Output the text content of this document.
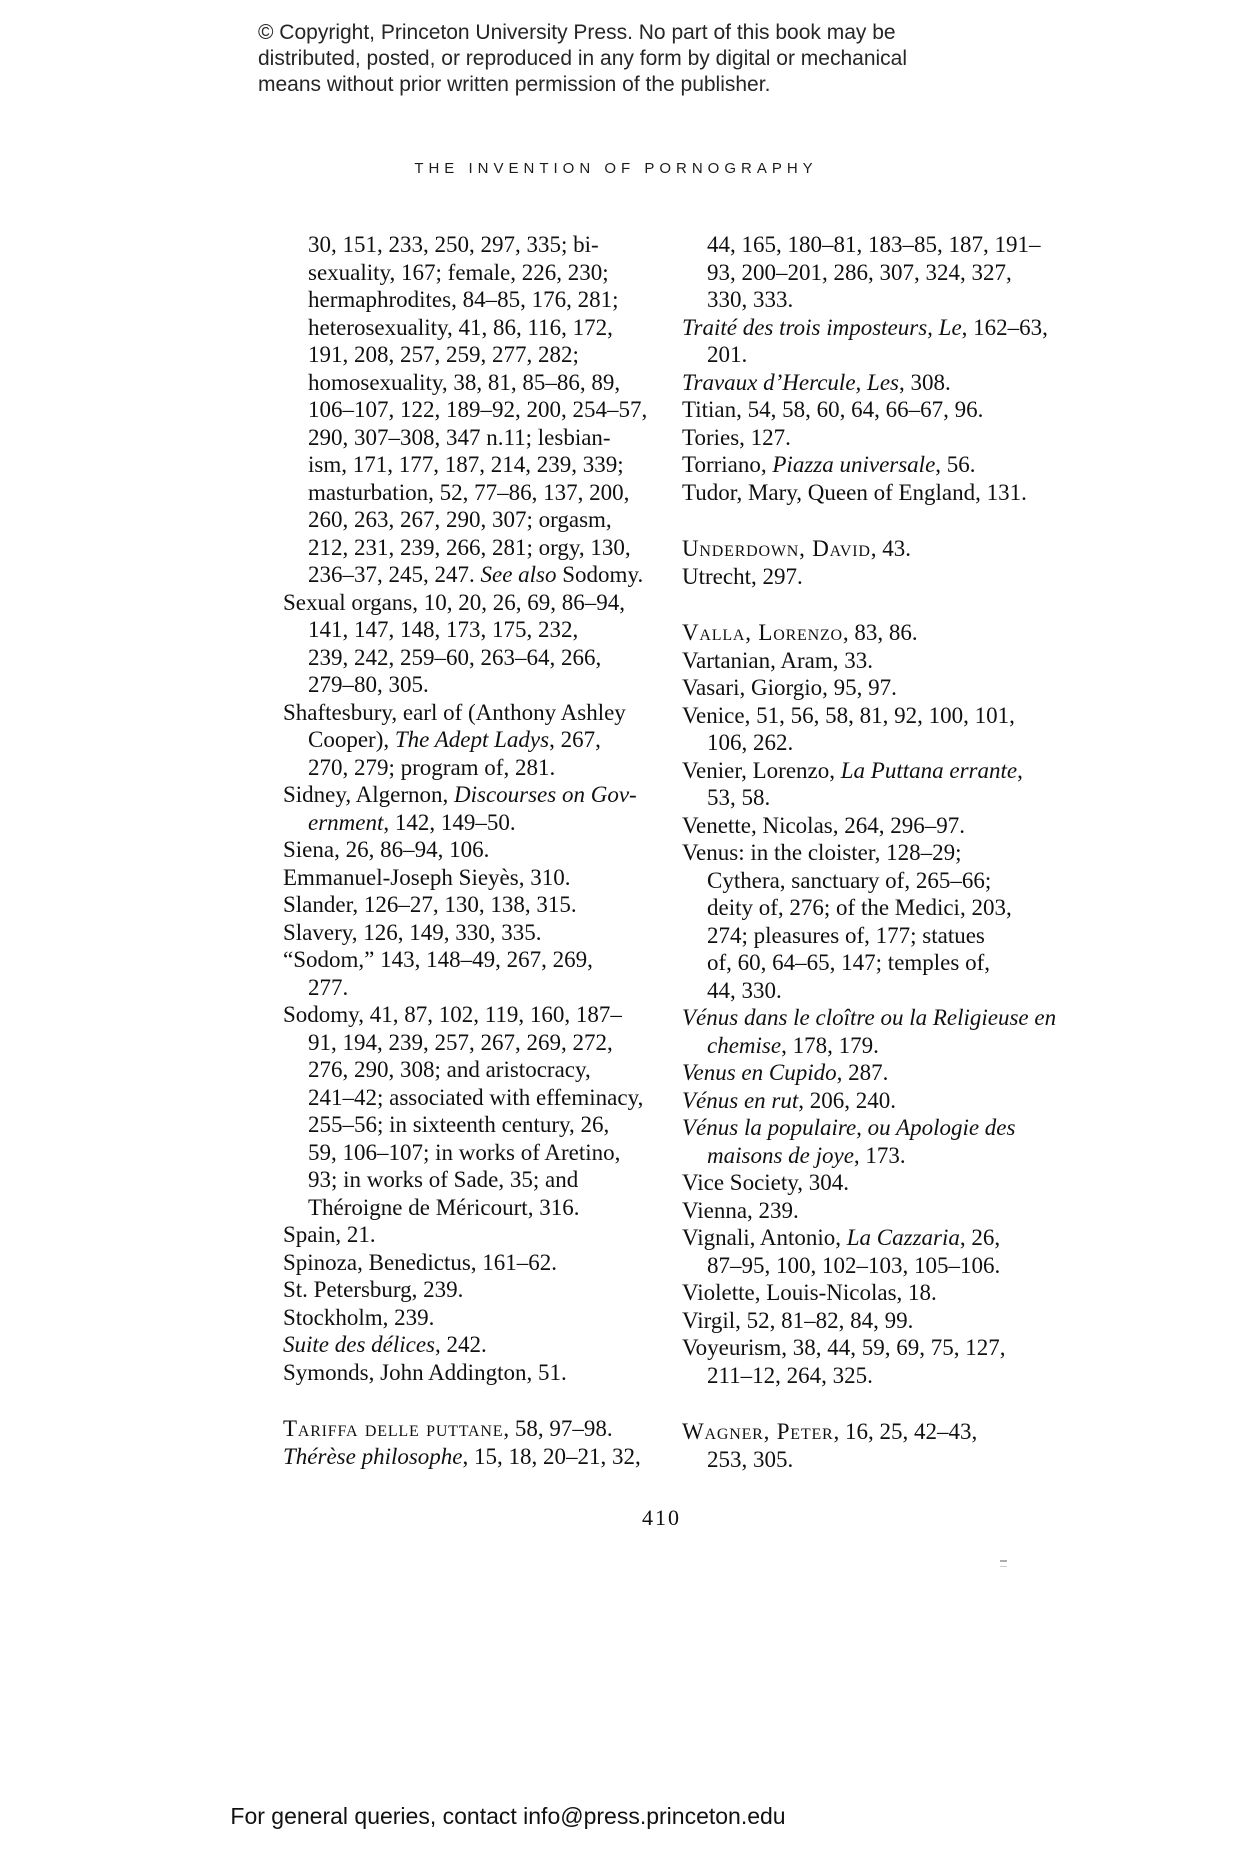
© Copyright, Princeton University Press. No part of this book may be
distributed, posted, or reproduced in any form by digital or mechanical
means without prior written permission of the publisher.
THE INVENTION OF PORNOGRAPHY
30, 151, 233, 250, 297, 335; bi-
sexuality, 167; female, 226, 230;
hermaphrodites, 84–85, 176, 281;
heterosexuality, 41, 86, 116, 172,
191, 208, 257, 259, 277, 282;
homosexuality, 38, 81, 85–86, 89,
106–107, 122, 189–92, 200, 254–57,
290, 307–308, 347 n.11; lesbian-
ism, 171, 177, 187, 214, 239, 339;
masturbation, 52, 77–86, 137, 200,
260, 263, 267, 290, 307; orgasm,
212, 231, 239, 266, 281; orgy, 130,
236–37, 245, 247. See also Sodomy.
Sexual organs, 10, 20, 26, 69, 86–94,
141, 147, 148, 173, 175, 232,
239, 242, 259–60, 263–64, 266,
279–80, 305.
Shaftesbury, earl of (Anthony Ashley
Cooper), The Adept Ladys, 267,
270, 279; program of, 281.
Sidney, Algernon, Discourses on Gov-
ernment, 142, 149–50.
Siena, 26, 86–94, 106.
Emmanuel-Joseph Sieyès, 310.
Slander, 126–27, 130, 138, 315.
Slavery, 126, 149, 330, 335.
“Sodom,” 143, 148–49, 267, 269,
277.
Sodomy, 41, 87, 102, 119, 160, 187–
91, 194, 239, 257, 267, 269, 272,
276, 290, 308; and aristocracy,
241–42; associated with effeminacy,
255–56; in sixteenth century, 26,
59, 106–107; in works of Aretino,
93; in works of Sade, 35; and
Théroigne de Méricourt, 316.
Spain, 21.
Spinoza, Benedictus, 161–62.
St. Petersburg, 239.
Stockholm, 239.
Suite des délices, 242.
Symonds, John Addington, 51.
Tariffa delle puttane, 58, 97–98.
Thérèse philosophe, 15, 18, 20–21, 32,
44, 165, 180–81, 183–85, 187, 191–
93, 200–201, 286, 307, 324, 327,
330, 333.
Traité des trois imposteurs, Le, 162–63,
201.
Travaux d’Hercule, Les, 308.
Titian, 54, 58, 60, 64, 66–67, 96.
Tories, 127.
Torriano, Piazza universale, 56.
Tudor, Mary, Queen of England, 131.
Underdown, David, 43.
Utrecht, 297.
Valla, Lorenzo, 83, 86.
Vartanian, Aram, 33.
Vasari, Giorgio, 95, 97.
Venice, 51, 56, 58, 81, 92, 100, 101,
106, 262.
Venier, Lorenzo, La Puttana errante,
53, 58.
Venette, Nicolas, 264, 296–97.
Venus: in the cloister, 128–29;
Cythera, sanctuary of, 265–66;
deity of, 276; of the Medici, 203,
274; pleasures of, 177; statues
of, 60, 64–65, 147; temples of,
44, 330.
Vénus dans le cloître ou la Religieuse en
chemise, 178, 179.
Venus en Cupido, 287.
Vénus en rut, 206, 240.
Vénus la populaire, ou Apologie des
maisons de joye, 173.
Vice Society, 304.
Vienna, 239.
Vignali, Antonio, La Cazzaria, 26,
87–95, 100, 102–103, 105–106.
Violette, Louis-Nicolas, 18.
Virgil, 52, 81–82, 84, 99.
Voyeurism, 38, 44, 59, 69, 75, 127,
211–12, 264, 325.
Wagner, Peter, 16, 25, 42–43,
253, 305.
410
For general queries, contact info@press.princeton.edu
